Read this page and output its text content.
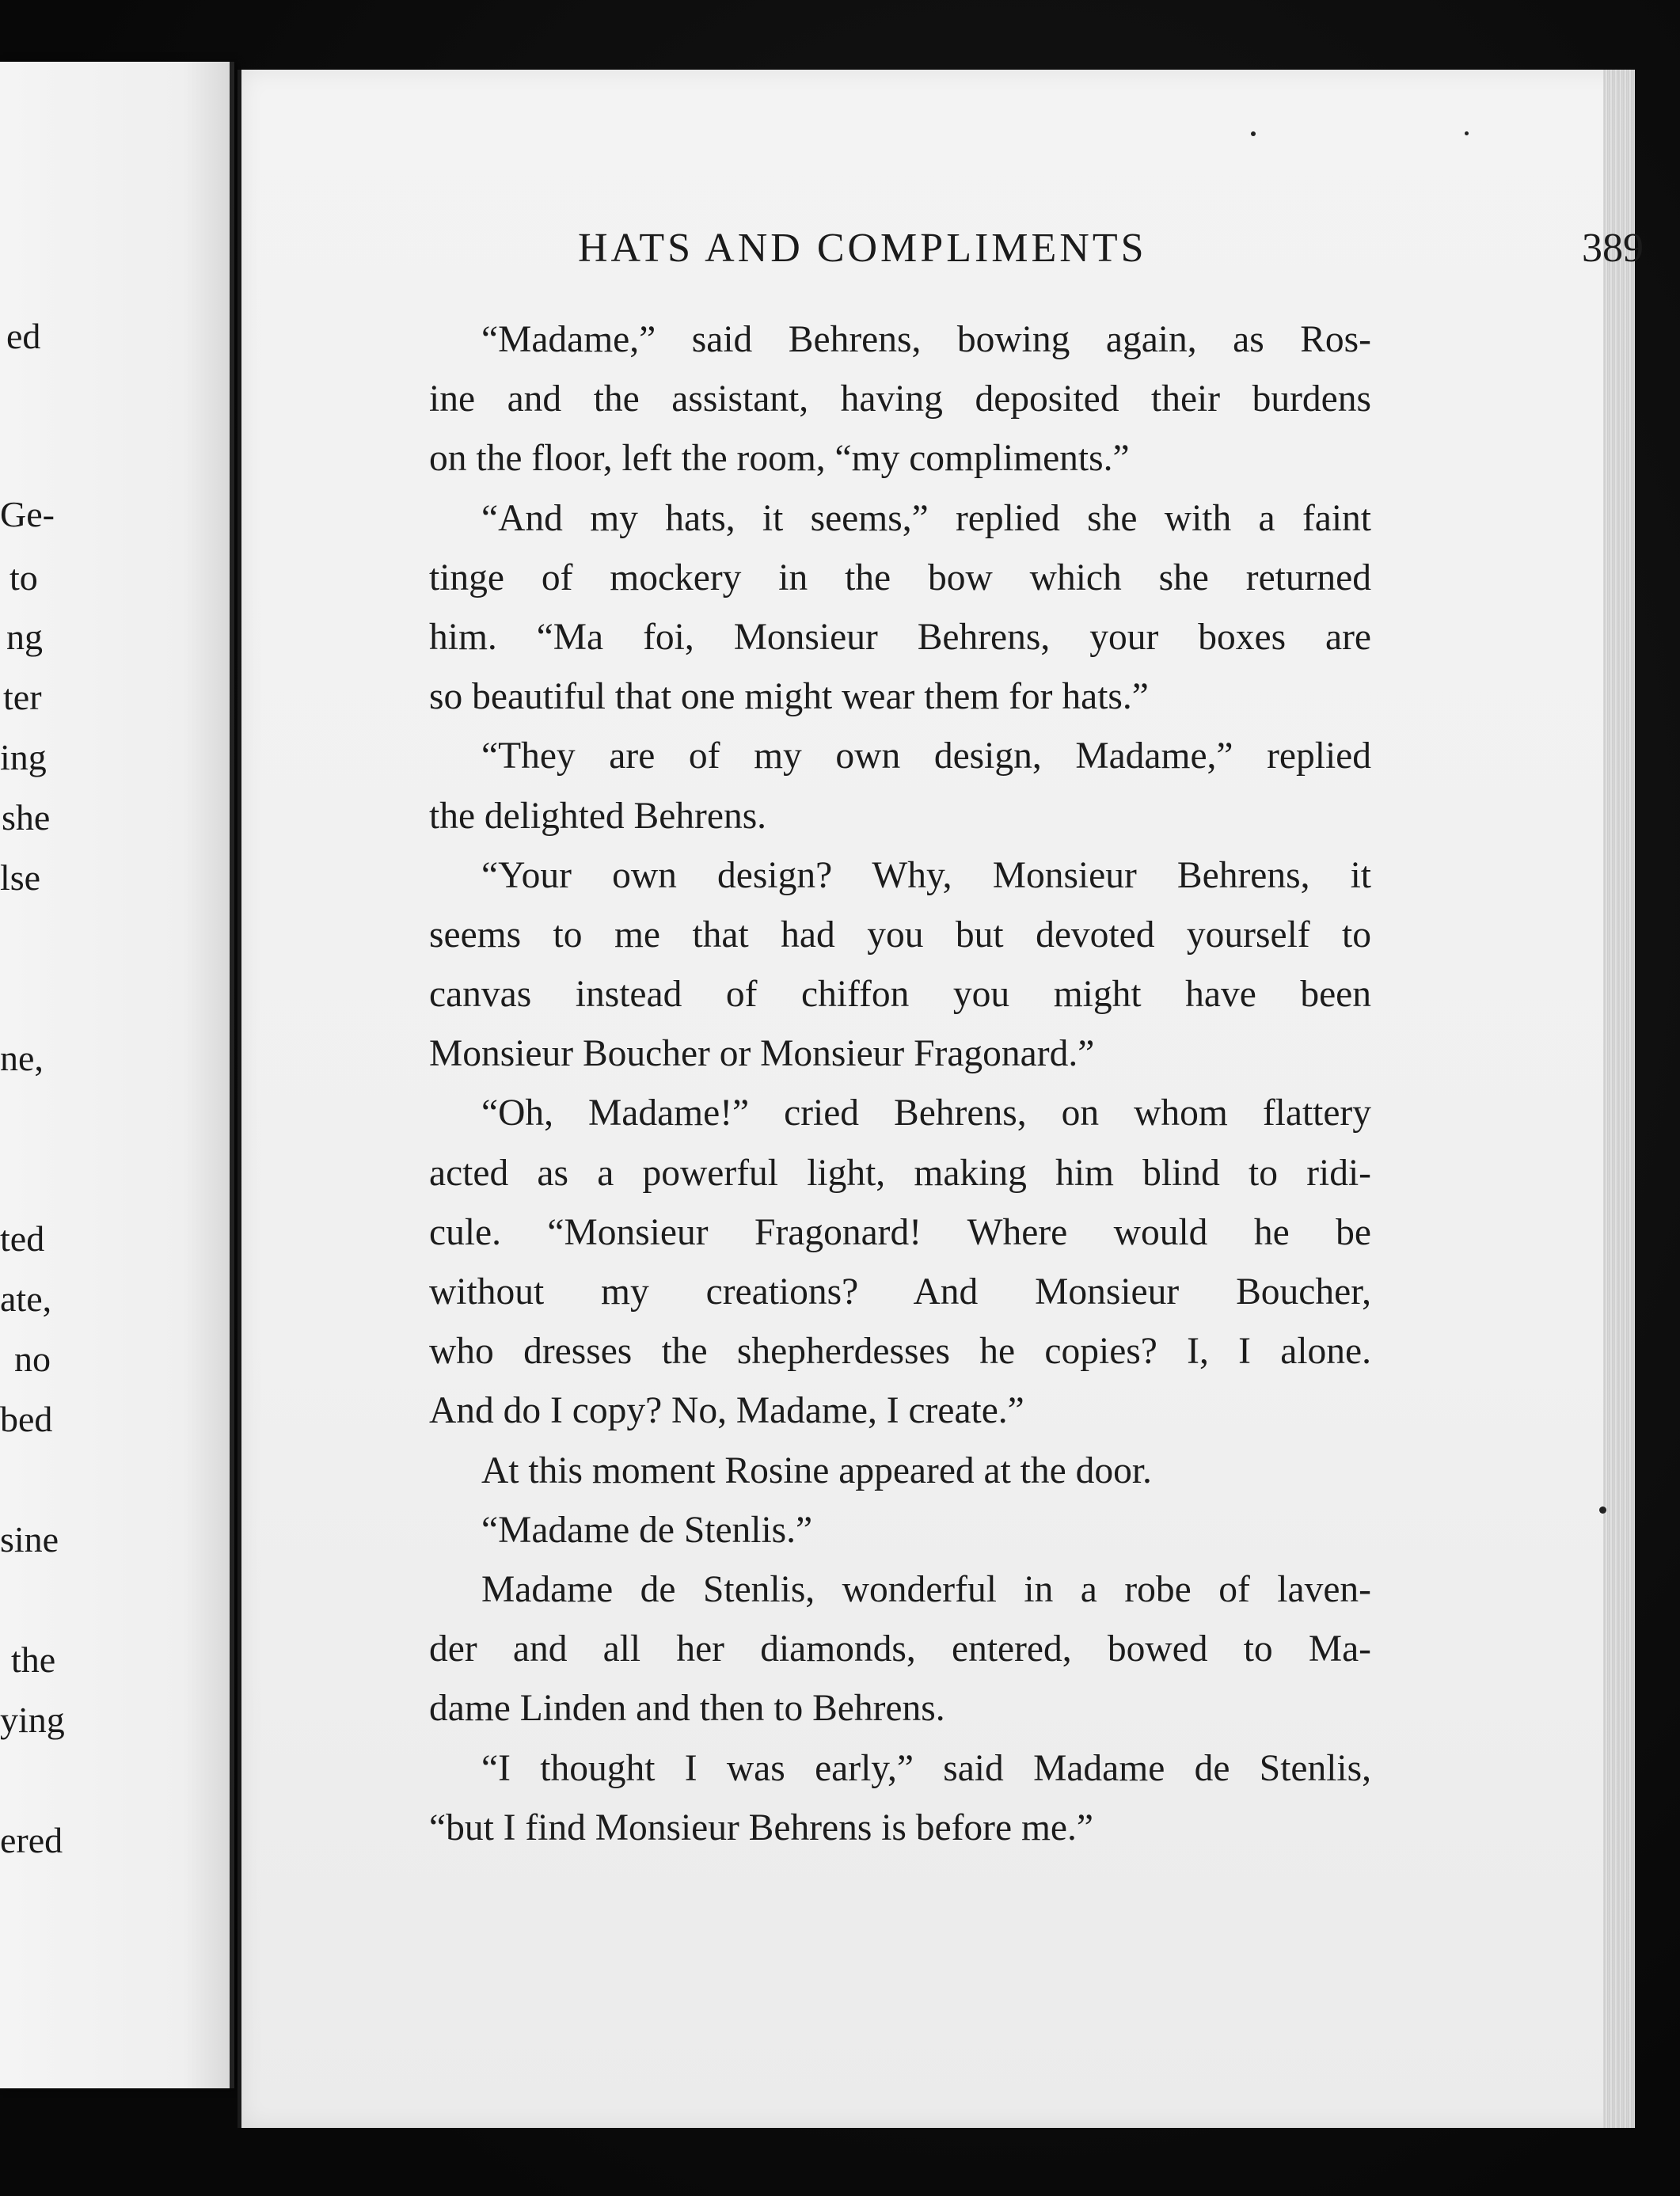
ed
Ge-
to
ng
ter
ing
she
lse
ne,
ted
ate,
no
bed
sine
the
ying
ered
HATS AND COMPLIMENTS	389
“Madame,” said Behrens, bowing again, as Ros-
ine and the assistant, having deposited their burdens
on the floor, left the room, “my compliments.”
“And my hats, it seems,” replied she with a faint
tinge of mockery in the bow which she returned
him. “Ma foi, Monsieur Behrens, your boxes are
so beautiful that one might wear them for hats.”
“They are of my own design, Madame,” replied
the delighted Behrens.
“Your own design? Why, Monsieur Behrens, it
seems to me that had you but devoted yourself to
canvas instead of chiffon you might have been
Monsieur Boucher or Monsieur Fragonard.”
“Oh, Madame!” cried Behrens, on whom flattery
acted as a powerful light, making him blind to ridi-
cule. “Monsieur Fragonard! Where would he be
without my creations? And Monsieur Boucher,
who dresses the shepherdesses he copies? I, I alone.
And do I copy? No, Madame, I create.”
At this moment Rosine appeared at the door.
“Madame de Stenlis.”
Madame de Stenlis, wonderful in a robe of laven-
der and all her diamonds, entered, bowed to Ma-
dame Linden and then to Behrens.
“I thought I was early,” said Madame de Stenlis,
“but I find Monsieur Behrens is before me.”
